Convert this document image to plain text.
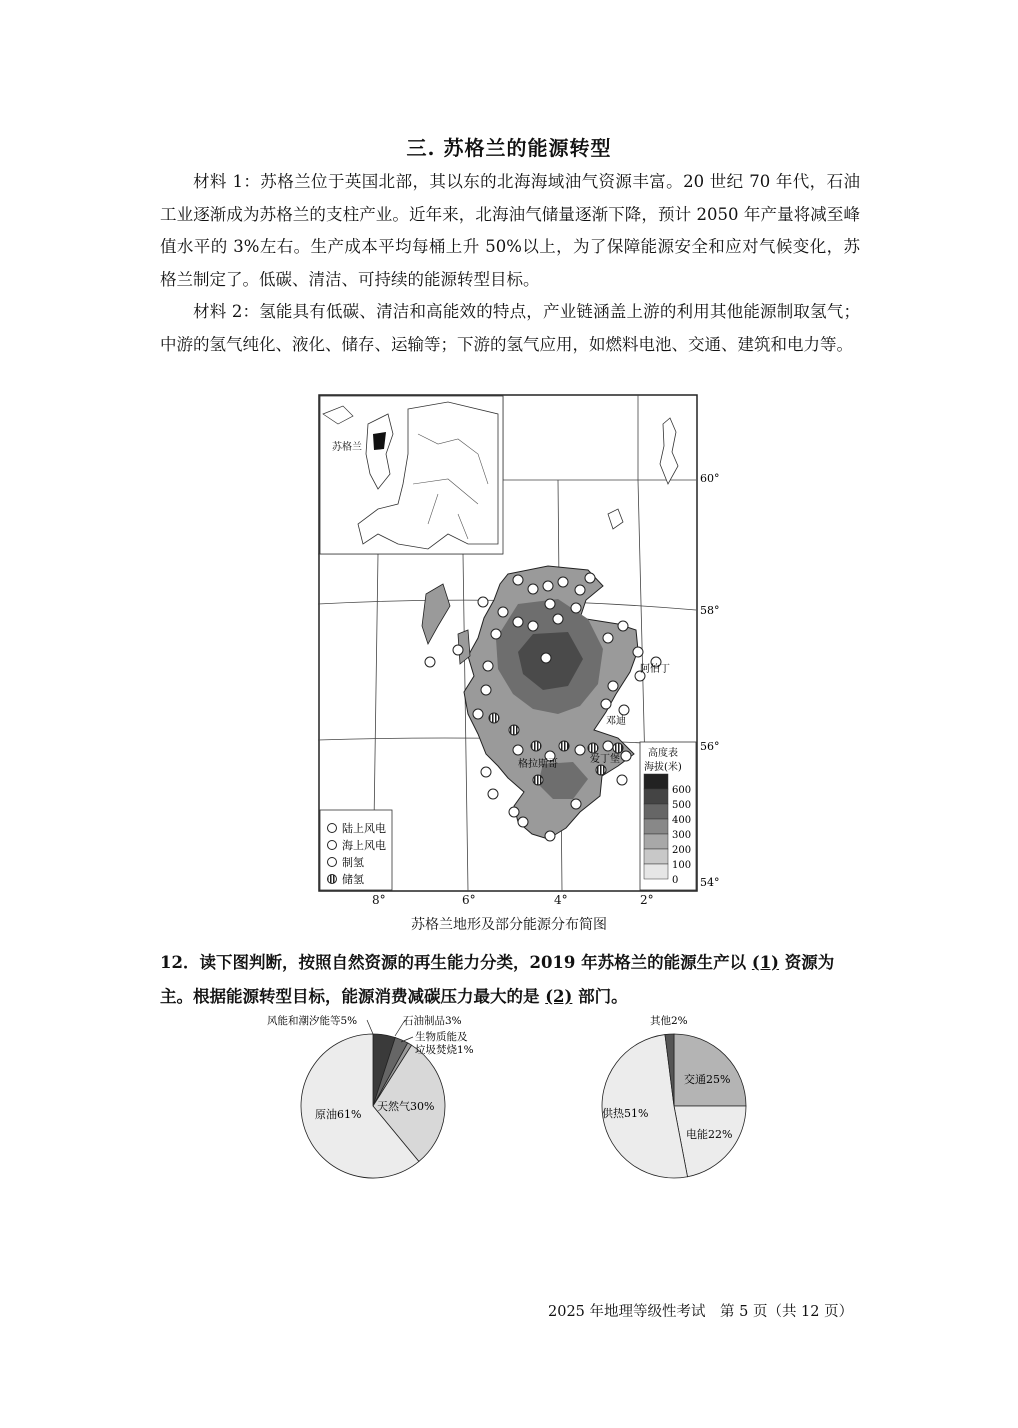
三. 苏格兰的能源转型
材料 1：苏格兰位于英国北部，其以东的北海海域油气资源丰富。20 世纪 70 年代，石油工业逐渐成为苏格兰的支柱产业。近年来，北海油气储量逐渐下降，预计 2050 年产量将减至峰值水平的 3%左右。生产成本平均每桶上升 50%以上，为了保障能源安全和应对气候变化，苏格兰制定了。低碳、清洁、可持续的能源转型目标。
材料 2：氢能具有低碳、清洁和高能效的特点，产业链涵盖上游的利用其他能源制取氢气；中游的氢气纯化、液化、储存、运输等；下游的氢气应用，如燃料电池、交通、建筑和电力等。
苏格兰
阿伯丁
邓迪
格拉斯哥	爱丁堡
60°
58°
56°
54°
陆上风电
海上风电
制氢
储氢
高度表
海拔(米)
600
500
400
300
200
100
0
8°	6°	4°	2°
苏格兰地形及部分能源分布简图
12．读下图判断，按照自然资源的再生能力分类，2019 年苏格兰的能源生产以 (1) 资源为主。根据能源转型目标，能源消费减碳压力最大的是 (2) 部门。
风能和潮汐能等5%	石油制品3%
生物质能及
垃圾焚烧1%
天然气30%
原油61%
其他2%
交通25%
电能22%
供热51%
2025 年地理等级性考试　第 5 页（共 12 页）
